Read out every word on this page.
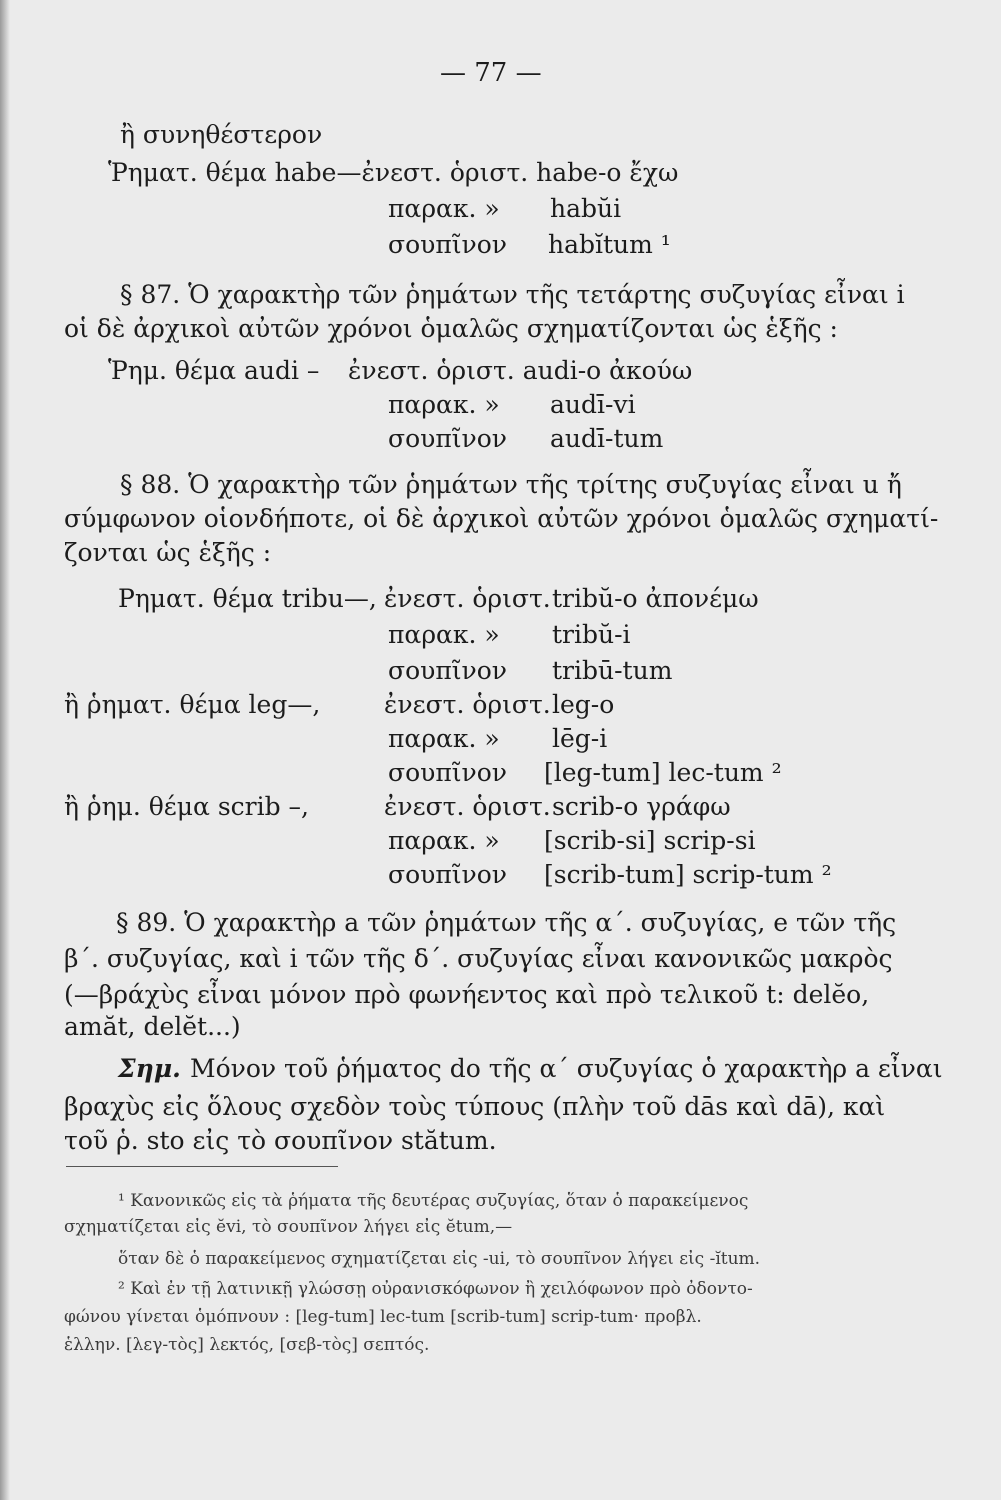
— 77 —
ἢ συνηθέστερον
Ῥηματ. θέμα habe—ἐνεστ. ὁριστ. habe-o ἔχω
παρακ. » habŭi
σουπῖνον habĭtum ¹
§ 87. Ὁ χαρακτὴρ τῶν ῥημάτων τῆς τετάρτης συζυγίας εἶναι i
οἱ δὲ ἀρχικοὶ αὐτῶν χρόνοι ὁμαλῶς σχηματίζονται ὡς ἑξῆς :
Ῥημ. θέμα audi – ἐνεστ. ὁριστ. audi-o ἀκούω
παρακ. » audī-vi
σουπῖνον audī-tum
§ 88. Ὁ χαρακτὴρ τῶν ῥημάτων τῆς τρίτης συζυγίας εἶναι u ἤ
σύμφωνον οἱονδήποτε, οἱ δὲ ἀρχικοὶ αὐτῶν χρόνοι ὁμαλῶς σχηματί-
ζονται ὡς ἑξῆς :
Ρηματ. θέμα tribu—, ἐνεστ. ὁριστ. tribŭ-o ἀπονέμω
παρακ. » tribŭ-i
σουπῖνον tribū-tum
ἢ ῥηματ. θέμα leg—,	ἐνεστ. ὁριστ. leg-o
παρακ. » lēg-i
σουπῖνον [leg-tum] lec-tum ²
ἢ ῥημ. θέμα scrib –,	ἐνεστ. ὁριστ. scrib-o γράφω
παρακ. » [scrib-si] scrip-si
σουπῖνον [scrib-tum] scrip-tum ²
§ 89. Ὁ χαρακτὴρ a τῶν ῥημάτων τῆς α΄. συζυγίας, e τῶν τῆς
β΄. συζυγίας, καὶ i τῶν τῆς δ΄. συζυγίας εἶναι κανονικῶς μακρὸς
(—βράχὺς εἶναι μόνον πρὸ φωνήεντος καὶ πρὸ τελικοῦ t: delĕo,
amăt, delĕt...)
Σημ. Μόνον τοῦ ῥήματος do τῆς α΄ συζυγίας ὁ χαρακτὴρ a εἶναι
βραχὺς εἰς ὅλους σχεδὸν τοὺς τύπους (πλὴν τοῦ dās καὶ dā), καὶ
τοῦ ῥ. sto εἰς τὸ σουπῖνον stătum.
¹ Κανονικῶς εἰς τὰ ῥήματα τῆς δευτέρας συζυγίας, ὅταν ὁ παρακείμενος
σχηματίζεται εἰς ĕvi, τὸ σουπῖνον λήγει εἰς ĕtum,—
ὅταν δὲ ὁ παρακείμενος σχηματίζεται εἰς -ui, τὸ σουπῖνον λήγει εἰς -ĭtum.
² Καὶ ἐν τῇ λατινικῇ γλώσσῃ οὐρανισκόφωνον ἢ χειλόφωνον πρὸ ὀδοντο-
φώνου γίνεται ὁμόπνουν : [leg-tum] lec-tum [scrib-tum] scrip-tum· προβλ.
ἑλλην. [λεγ-τὸς] λεκτός, [σεβ-τὸς] σεπτός.
